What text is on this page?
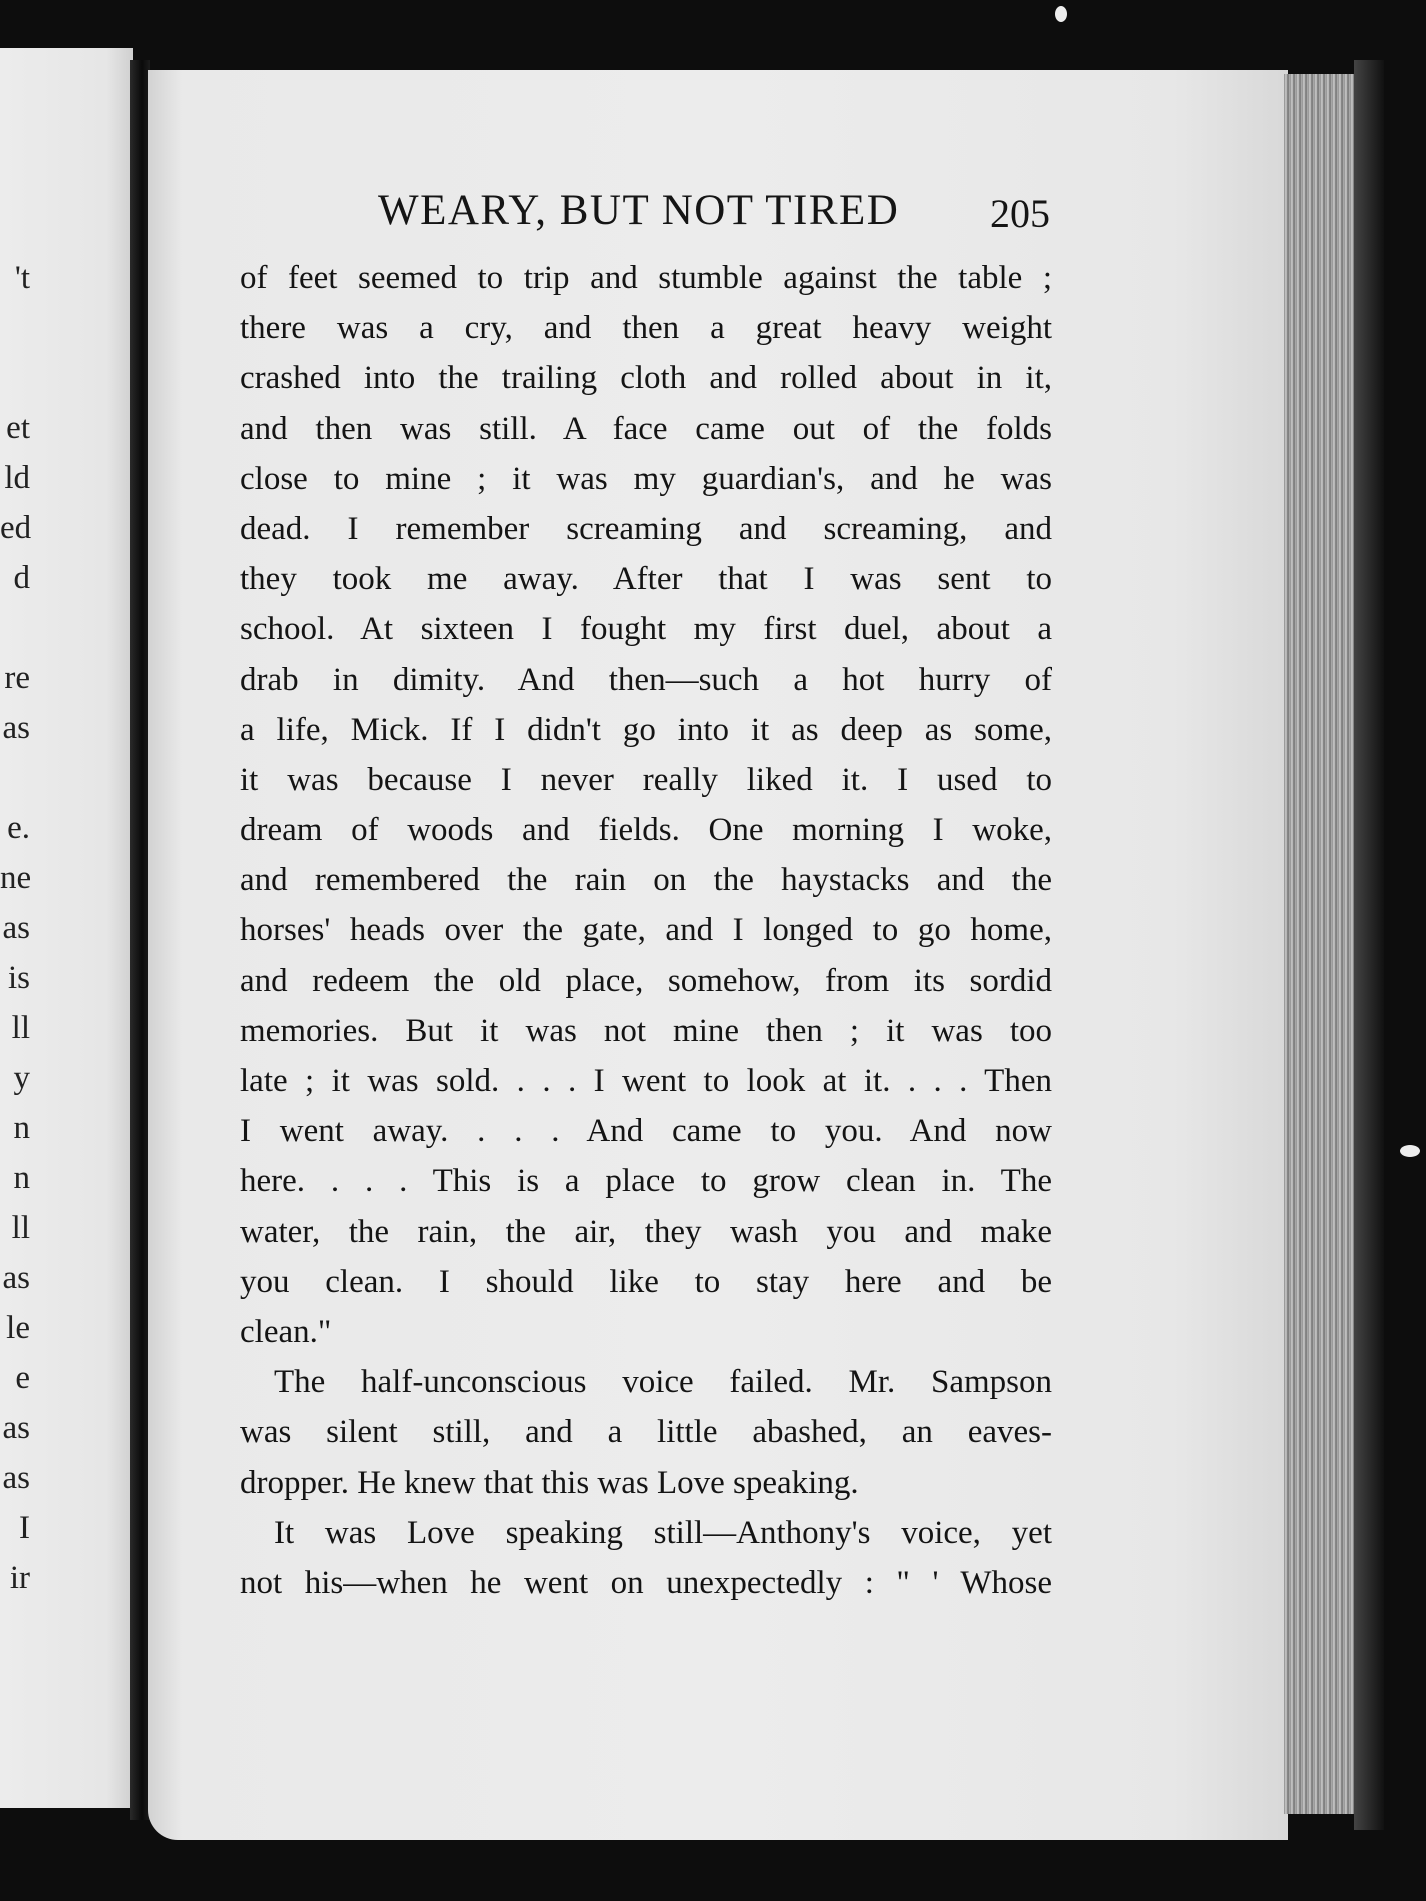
't
et
ld
ed
d
re
as
e.
ne
as
is
ll
y
n
n
ll
as
le
e
as
as
I
ir
WEARY, BUT NOT TIRED 205
of feet seemed to trip and stumble against the table ;
there was a cry, and then a great heavy weight
crashed into the trailing cloth and rolled about in it,
and then was still. A face came out of the folds
close to mine ; it was my guardian's, and he was
dead. I remember screaming and screaming, and
they took me away. After that I was sent to
school. At sixteen I fought my first duel, about a
drab in dimity. And then—such a hot hurry of
a life, Mick. If I didn't go into it as deep as some,
it was because I never really liked it. I used to
dream of woods and fields. One morning I woke,
and remembered the rain on the haystacks and the
horses' heads over the gate, and I longed to go home,
and redeem the old place, somehow, from its sordid
memories. But it was not mine then ; it was too
late ; it was sold. . . . I went to look at it. . . . Then
I went away. . . . And came to you. And now
here. . . . This is a place to grow clean in. The
water, the rain, the air, they wash you and make
you clean. I should like to stay here and be
clean."
The half-unconscious voice failed. Mr. Sampson
was silent still, and a little abashed, an eaves-
dropper. He knew that this was Love speaking.
It was Love speaking still—Anthony's voice, yet
not his—when he went on unexpectedly : " ' Whose
